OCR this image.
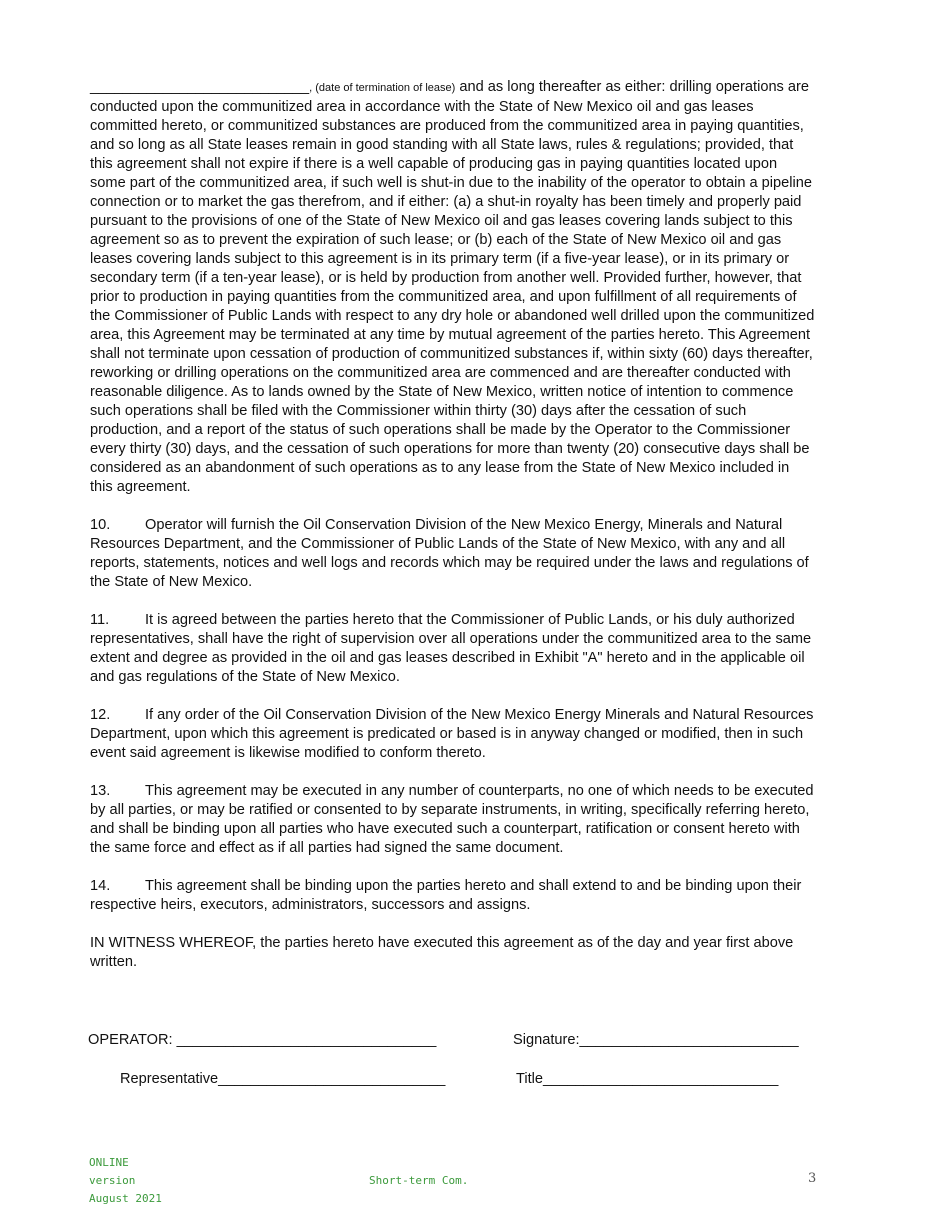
___________________________, (date of termination of lease) and as long thereafter as either: drilling operations are conducted upon the communitized area in accordance with the State of New Mexico oil and gas leases committed hereto, or communitized substances are produced from the communitized area in paying quantities, and so long as all State leases remain in good standing with all State laws, rules & regulations; provided, that this agreement shall not expire if there is a well capable of producing gas in paying quantities located upon some part of the communitized area, if such well is shut-in due to the inability of the operator to obtain a pipeline connection or to market the gas therefrom, and if either: (a) a shut-in royalty has been timely and properly paid pursuant to the provisions of one of the State of New Mexico oil and gas leases covering lands subject to this agreement so as to prevent the expiration of such lease; or (b) each of the State of New Mexico oil and gas leases covering lands subject to this agreement is in its primary term (if a five-year lease), or in its primary or secondary term (if a ten-year lease), or is held by production from another well. Provided further, however, that prior to production in paying quantities from the communitized area, and upon fulfillment of all requirements of the Commissioner of Public Lands with respect to any dry hole or abandoned well drilled upon the communitized area, this Agreement may be terminated at any time by mutual agreement of the parties hereto. This Agreement shall not terminate upon cessation of production of communitized substances if, within sixty (60) days thereafter, reworking or drilling operations on the communitized area are commenced and are thereafter conducted with reasonable diligence. As to lands owned by the State of New Mexico, written notice of intention to commence such operations shall be filed with the Commissioner within thirty (30) days after the cessation of such production, and a report of the status of such operations shall be made by the Operator to the Commissioner every thirty (30) days, and the cessation of such operations for more than twenty (20) consecutive days shall be considered as an abandonment of such operations as to any lease from the State of New Mexico included in this agreement.

10. Operator will furnish the Oil Conservation Division of the New Mexico Energy, Minerals and Natural Resources Department, and the Commissioner of Public Lands of the State of New Mexico, with any and all reports, statements, notices and well logs and records which may be required under the laws and regulations of the State of New Mexico.

11. It is agreed between the parties hereto that the Commissioner of Public Lands, or his duly authorized representatives, shall have the right of supervision over all operations under the communitized area to the same extent and degree as provided in the oil and gas leases described in Exhibit "A" hereto and in the applicable oil and gas regulations of the State of New Mexico.

12. If any order of the Oil Conservation Division of the New Mexico Energy Minerals and Natural Resources Department, upon which this agreement is predicated or based is in anyway changed or modified, then in such event said agreement is likewise modified to conform thereto.

13. This agreement may be executed in any number of counterparts, no one of which needs to be executed by all parties, or may be ratified or consented to by separate instruments, in writing, specifically referring hereto, and shall be binding upon all parties who have executed such a counterpart, ratification or consent hereto with the same force and effect as if all parties had signed the same document.

14. This agreement shall be binding upon the parties hereto and shall extend to and be binding upon their respective heirs, executors, administrators, successors and assigns.

IN WITNESS WHEREOF, the parties hereto have executed this agreement as of the day and year first above written.

OPERATOR: ________________________________	Signature:___________________________
Representative____________________________	Title_____________________________
ONLINE
version
August 2021
Short-term Com.	3
